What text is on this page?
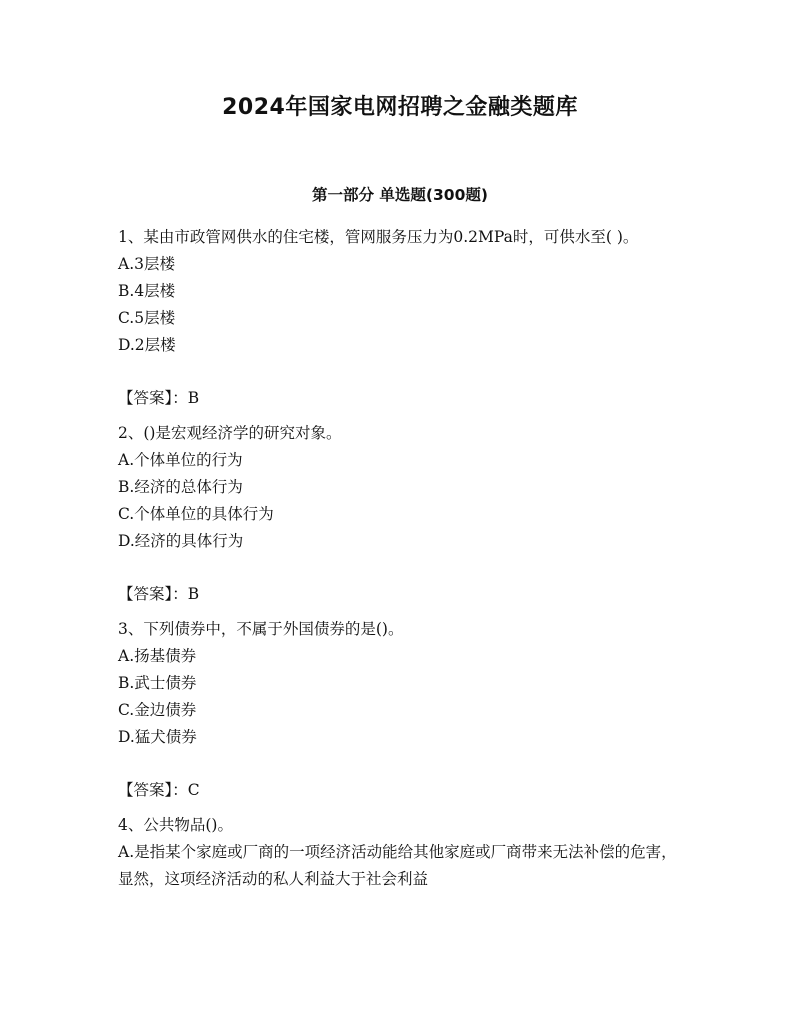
2024年国家电网招聘之金融类题库
第一部分 单选题(300题)

1、某由市政管网供水的住宅楼，管网服务压力为0.2MPa时，可供水至( )。

A.3层楼

B.4层楼

C.5层楼

D.2层楼

【答案】：B

2、()是宏观经济学的研究对象。

A.个体单位的行为

B.经济的总体行为

C.个体单位的具体行为

D.经济的具体行为

【答案】：B

3、下列债券中，不属于外国债券的是()。

A.扬基债券

B.武士债券

C.金边债券

D.猛犬债券

【答案】：C

4、公共物品()。

A.是指某个家庭或厂商的一项经济活动能给其他家庭或厂商带来无法补偿的危害，显然，这项经济活动的私人利益大于社会利益
